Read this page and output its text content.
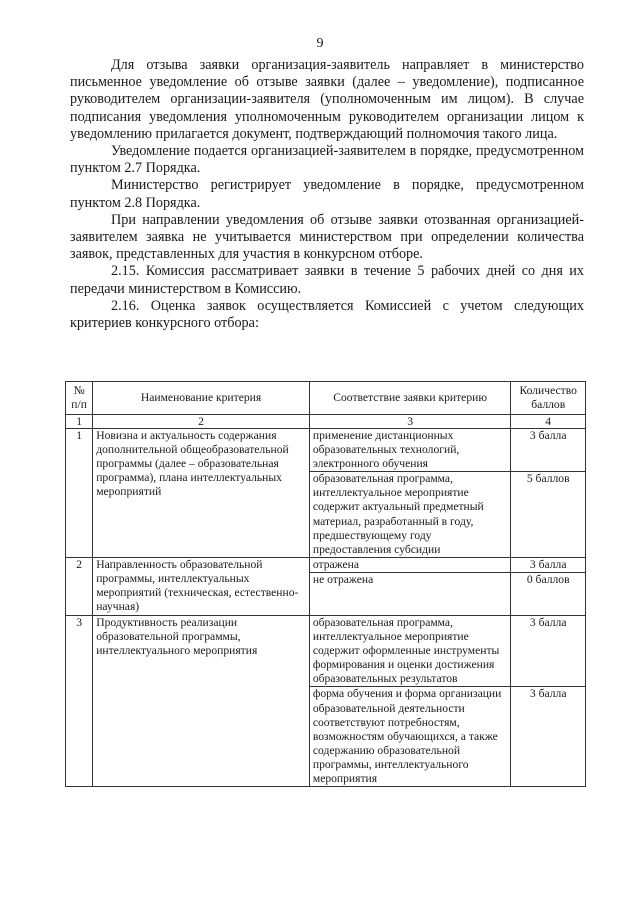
9

Для отзыва заявки организация-заявитель направляет в министерство письменное уведомление об отзыве заявки (далее – уведомление), подписанное руководителем организации-заявителя (уполномоченным им лицом). В случае подписания уведомления уполномоченным руководителем организации лицом к уведомлению прилагается документ, подтверждающий полномочия такого лица.

Уведомление подается организацией-заявителем в порядке, предусмотренном пунктом 2.7 Порядка.

Министерство регистрирует уведомление в порядке, предусмотренном пунктом 2.8 Порядка.

При направлении уведомления об отзыве заявки отозванная организацией-заявителем заявка не учитывается министерством при определении количества заявок, представленных для участия в конкурсном отборе.

2.15. Комиссия рассматривает заявки в течение 5 рабочих дней со дня их передачи министерством в Комиссию.

2.16. Оценка заявок осуществляется Комиссией с учетом следующих критериев конкурсного отбора:

№ п/п	Наименование критерия	Соответствие заявки критерию	Количество баллов
1	2	3	4
1	Новизна и актуальность содержания дополнительной общеобразовательной программы (далее – образовательная программа), плана интеллектуальных мероприятий	применение дистанционных образовательных технологий, электронного обучения	3 балла
		образовательная программа, интеллектуальное мероприятие содержит актуальный предметный материал, разработанный в году, предшествующему году предоставления субсидии	5 баллов
2	Направленность образовательной программы, интеллектуальных мероприятий (техническая, естественно-научная)	отражена	3 балла
		не отражена	0 баллов
3	Продуктивность реализации образовательной программы, интеллектуального мероприятия	образовательная программа, интеллектуальное мероприятие содержит оформленные инструменты формирования и оценки достижения образовательных результатов	3 балла
		форма обучения и форма организации образовательной деятельности соответствуют потребностям, возможностям обучающихся, а также содержанию образовательной программы, интеллектуального мероприятия	3 балла
